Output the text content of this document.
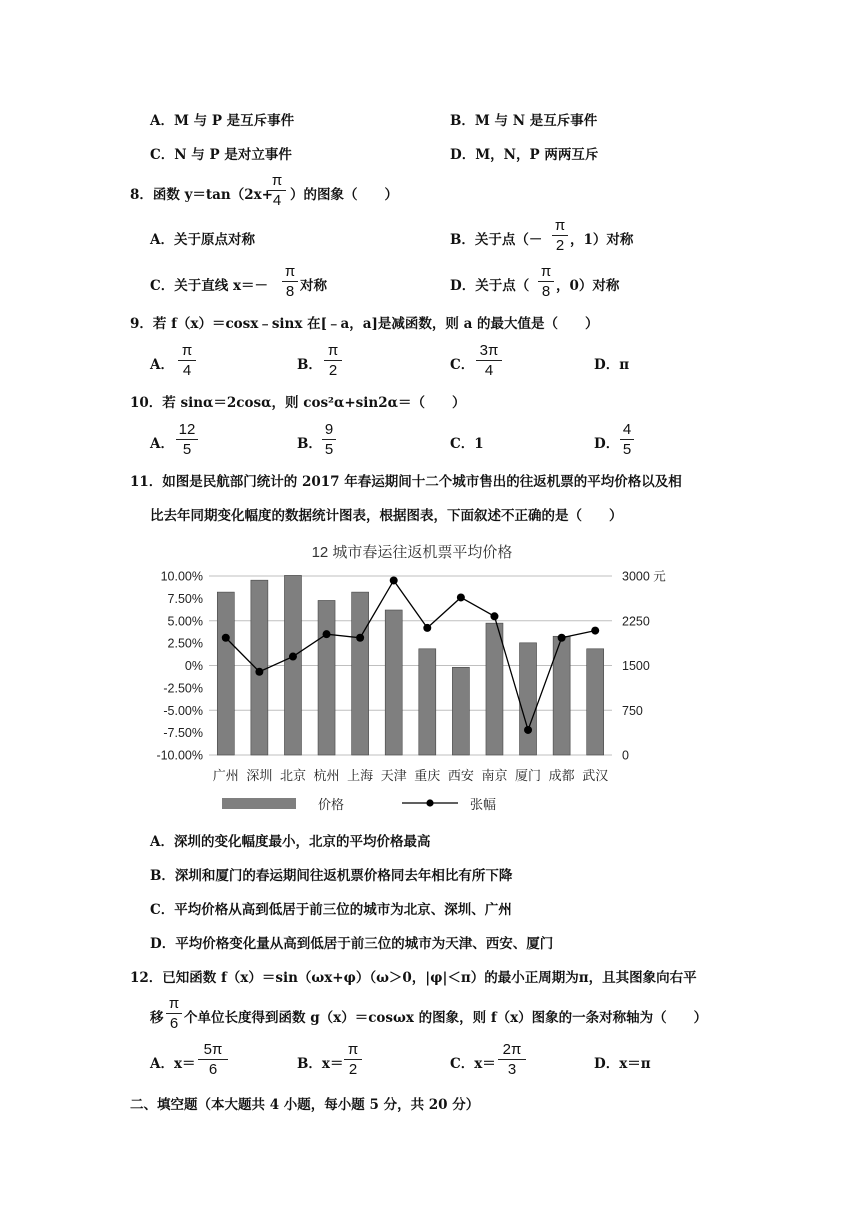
A．M 与 P 是互斥事件	B．M 与 N 是互斥事件
C．N 与 P 是对立事件	D．M，N，P 两两互斥
8．函数 y＝tan（2x+
π
4 ）的图象（　　）
A．关于原点对称	B．关于点（－
π
2 ，1）对称
C．关于直线 x＝－
π
8 对称	D．关于点（
π
8 ，0）对称
9．若 f（x）＝cosx﹣sinx 在[﹣a，a]是减函数，则 a 的最大值是（　　）
A．
π
4	B．
π
2	C．
3π
4	D．π
10．若 sinα＝2cosα，则 cos²α+sin2α＝（　　）
A．
12
5	B．
9
5	C．1	D．
4
5
11．如图是民航部门统计的 2017 年春运期间十二个城市售出的往返机票的平均价格以及相
比去年同期变化幅度的数据统计图表，根据图表，下面叙述不正确的是（　　）
12 城市春运往返机票平均价格
10.00%
7.50%
5.00%
2.50%
0%
-2.50%
-5.00%
-7.50%
-10.00%
3000 元
2250
1500
750
0
广州 深圳 北京 杭州 上海 天津 重庆 西安 南京 厦门 成都 武汉
价格	张幅
A．深圳的变化幅度最小，北京的平均价格最高
B．深圳和厦门的春运期间往返机票价格同去年相比有所下降
C．平均价格从高到低居于前三位的城市为北京、深圳、广州
D．平均价格变化量从高到低居于前三位的城市为天津、西安、厦门
12．已知函数 f（x）＝sin（ωx+φ）（ω＞0，|φ|＜π）的最小正周期为π，且其图象向右平
移
π
6 个单位长度得到函数 g（x）＝cosωx 的图象，则 f（x）图象的一条对称轴为（　　）
A．x＝
5π
6	B．x＝
π
2	C．x＝
2π
3	D．x＝π
二、填空题（本大题共 4 小题，每小题 5 分，共 20 分）
